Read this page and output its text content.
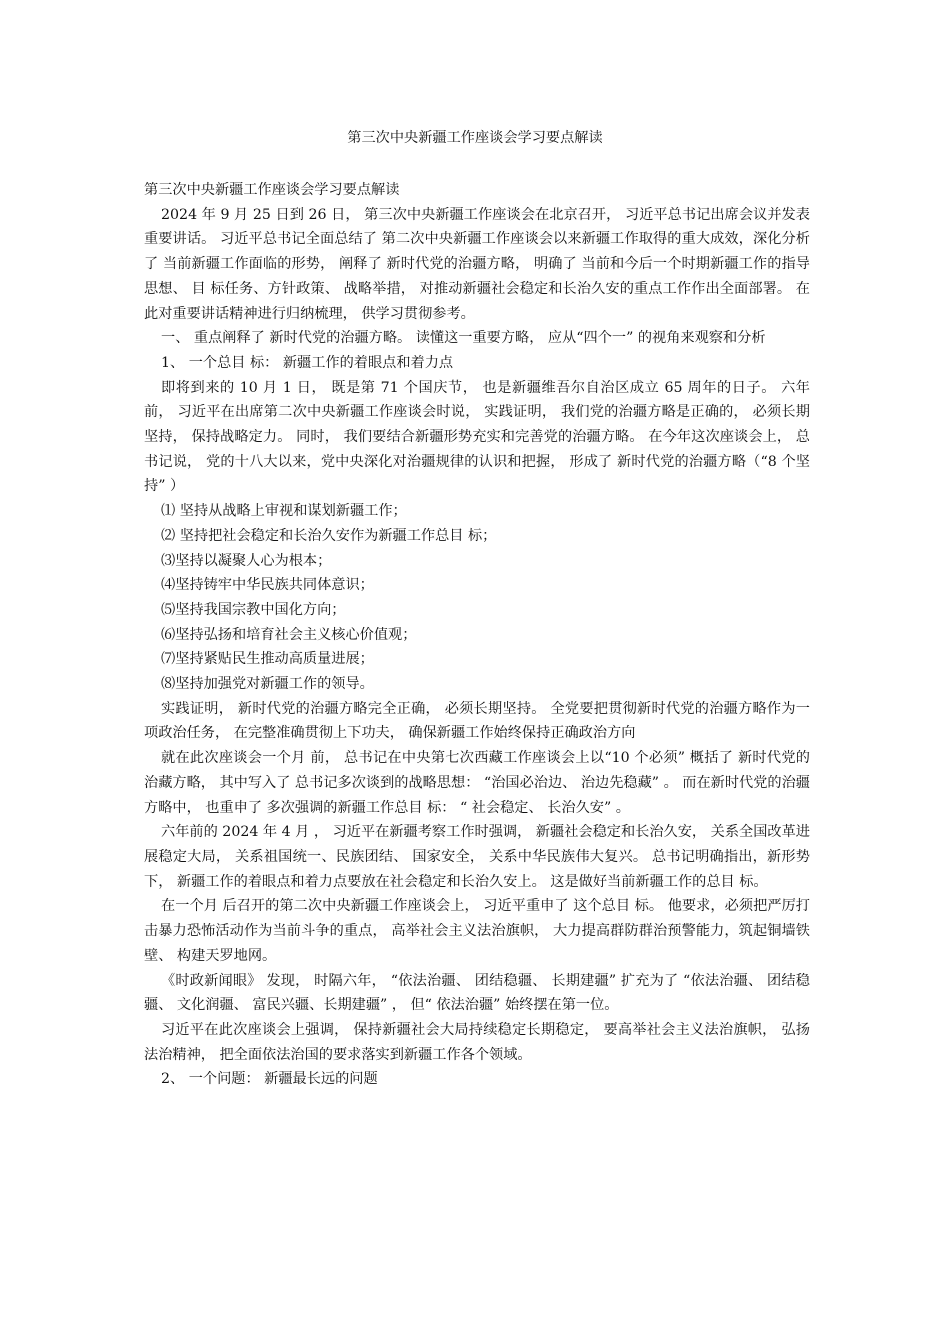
第三次中央新疆工作座谈会学习要点解读

第三次中央新疆工作座谈会学习要点解读

2024 年 9 月 25 日到 26 日， 第三次中央新疆工作座谈会在北京召开， 习近平总书记出席会议并发表重要讲话。 习近平总书记全面总结了 第二次中央新疆工作座谈会以来新疆工作取得的重大成效，深化分析了 当前新疆工作面临的形势， 阐释了 新时代党的治疆方略， 明确了 当前和今后一个时期新疆工作的指导思想、 目 标任务、方针政策、 战略举措， 对推动新疆社会稳定和长治久安的重点工作作出全面部署。 在此对重要讲话精神进行归纳梳理， 供学习贯彻参考。

一、 重点阐释了 新时代党的治疆方略。 读懂这一重要方略， 应从“四个一” 的视角来观察和分析

1、 一个总目 标： 新疆工作的着眼点和着力点

即将到来的 10 月 1 日， 既是第 71 个国庆节， 也是新疆维吾尔自治区成立 65 周年的日子。 六年前， 习近平在出席第二次中央新疆工作座谈会时说， 实践证明， 我们党的治疆方略是正确的， 必须长期坚持， 保持战略定力。 同时， 我们要结合新疆形势充实和完善党的治疆方略。 在今年这次座谈会上， 总书记说， 党的十八大以来，党中央深化对治疆规律的认识和把握， 形成了 新时代党的治疆方略（“8 个坚持” ）

⑴ 坚持从战略上审视和谋划新疆工作；

⑵ 坚持把社会稳定和长治久安作为新疆工作总目 标；

⑶坚持以凝聚人心为根本；

⑷坚持铸牢中华民族共同体意识；

⑸坚持我国宗教中国化方向；

⑹坚持弘扬和培育社会主义核心价值观；

⑺坚持紧贴民生推动高质量进展；

⑻坚持加强党对新疆工作的领导。

实践证明， 新时代党的治疆方略完全正确， 必须长期坚持。 全党要把贯彻新时代党的治疆方略作为一项政治任务， 在完整准确贯彻上下功夫， 确保新疆工作始终保持正确政治方向

就在此次座谈会一个月 前， 总书记在中央第七次西藏工作座谈会上以“10 个必须” 概括了 新时代党的治藏方略， 其中写入了 总书记多次谈到的战略思想： “治国必治边、 治边先稳藏” 。 而在新时代党的治疆方略中， 也重申了 多次强调的新疆工作总目 标： “ 社会稳定、 长治久安” 。

六年前的 2024 年 4 月 ， 习近平在新疆考察工作时强调， 新疆社会稳定和长治久安， 关系全国改革进展稳定大局， 关系祖国统一、民族团结、 国家安全， 关系中华民族伟大复兴。 总书记明确指出，新形势下， 新疆工作的着眼点和着力点要放在社会稳定和长治久安上。 这是做好当前新疆工作的总目 标。

在一个月 后召开的第二次中央新疆工作座谈会上， 习近平重申了 这个总目 标。 他要求，必须把严厉打击暴力恐怖活动作为当前斗争的重点， 高举社会主义法治旗帜， 大力提高群防群治预警能力，筑起铜墙铁壁、 构建天罗地网。

《时政新闻眼》 发现， 时隔六年， “依法治疆、 团结稳疆、 长期建疆” 扩充为了 “依法治疆、 团结稳疆、 文化润疆、 富民兴疆、长期建疆” ， 但“ 依法治疆” 始终摆在第一位。

习近平在此次座谈会上强调， 保持新疆社会大局持续稳定长期稳定， 要高举社会主义法治旗帜， 弘扬法治精神， 把全面依法治国的要求落实到新疆工作各个领域。

2、 一个问题： 新疆最长远的问题
